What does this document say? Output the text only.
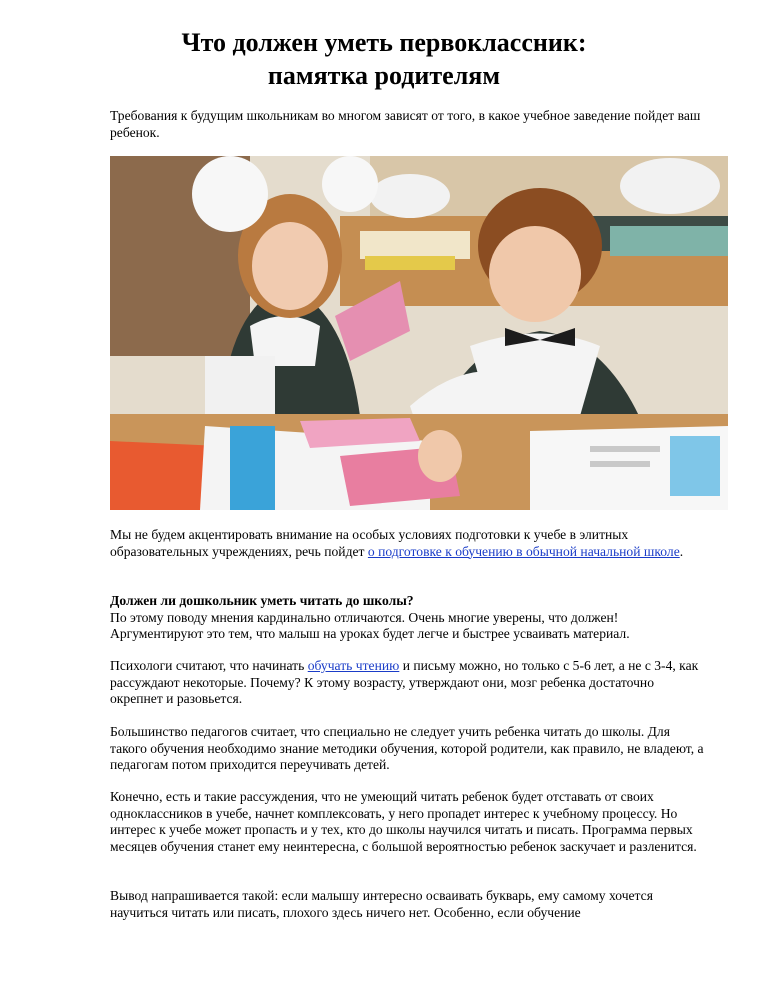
Что должен уметь первоклассник:
памятка родителям

Требования к будущим школьникам во многом зависят от того, в какое учебное заведение пойдет ваш ребенок.

Мы не будем акцентировать внимание на особых условиях подготовки к учебе в элитных образовательных учреждениях, речь пойдет о подготовке к обучению в обычной начальной школе.

Должен ли дошкольник уметь читать до школы?
По этому поводу мнения кардинально отличаются. Очень многие уверены, что должен! Аргументируют это тем, что малыш на уроках будет легче и быстрее усваивать материал.

Психологи считают, что начинать обучать чтению и письму можно, но только с 5-6 лет, а не с 3-4, как рассуждают некоторые. Почему? К этому возрасту, утверждают они, мозг ребенка достаточно окрепнет и разовьется.

Большинство педагогов считает, что специально не следует учить ребенка читать до школы. Для такого обучения необходимо знание методики обучения, которой родители, как правило, не владеют, а педагогам потом приходится переучивать детей.

Конечно, есть и такие рассуждения, что не умеющий читать ребенок будет отставать от своих одноклассников в учебе, начнет комплексовать, у него пропадет интерес к учебному процессу. Но интерес к учебе может пропасть и у тех, кто до школы научился читать и писать. Программа первых месяцев обучения станет ему неинтересна, с большой вероятностью ребенок заскучает и разленится.

Вывод напрашивается такой: если малышу интересно осваивать букварь, ему самому хочется научиться читать или писать, плохого здесь ничего нет. Особенно, если обучение
